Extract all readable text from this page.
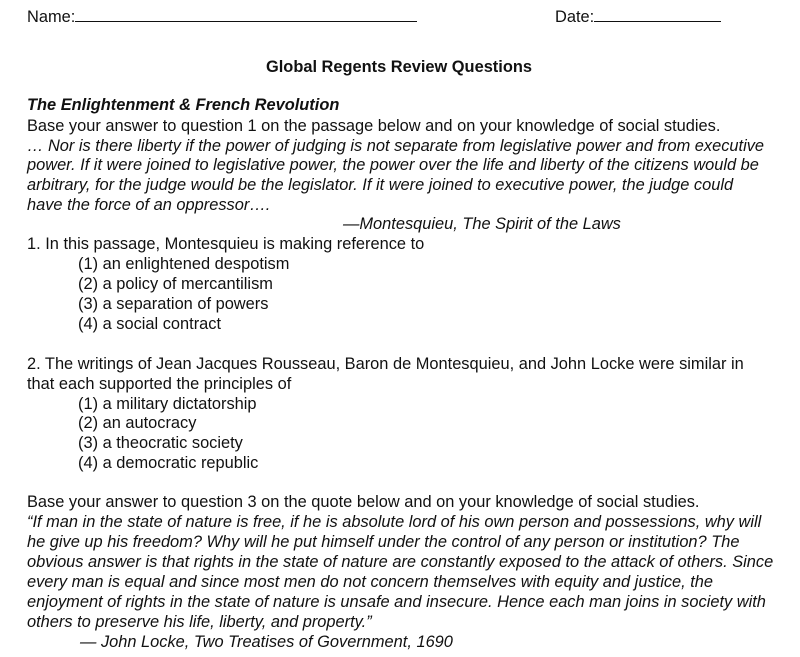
Name:	Date:
Global Regents Review Questions
The Enlightenment & French Revolution
Base your answer to question 1 on the passage below and on your knowledge of social studies.
… Nor is there liberty if the power of judging is not separate from legislative power and from executive
power. If it were joined to legislative power, the power over the life and liberty of the citizens would be
arbitrary, for the judge would be the legislator. If it were joined to executive power, the judge could
have the force of an oppressor….
—Montesquieu, The Spirit of the Laws
1. In this passage, Montesquieu is making reference to
(1) an enlightened despotism
(2) a policy of mercantilism
(3) a separation of powers
(4) a social contract
2. The writings of Jean Jacques Rousseau, Baron de Montesquieu, and John Locke were similar in
that each supported the principles of
(1) a military dictatorship
(2) an autocracy
(3) a theocratic society
(4) a democratic republic
Base your answer to question 3 on the quote below and on your knowledge of social studies.
“If man in the state of nature is free, if he is absolute lord of his own person and possessions, why will
he give up his freedom? Why will he put himself under the control of any person or institution? The
obvious answer is that rights in the state of nature are constantly exposed to the attack of others. Since
every man is equal and since most men do not concern themselves with equity and justice, the
enjoyment of rights in the state of nature is unsafe and insecure. Hence each man joins in society with
others to preserve his life, liberty, and property.”
— John Locke, Two Treatises of Government, 1690
